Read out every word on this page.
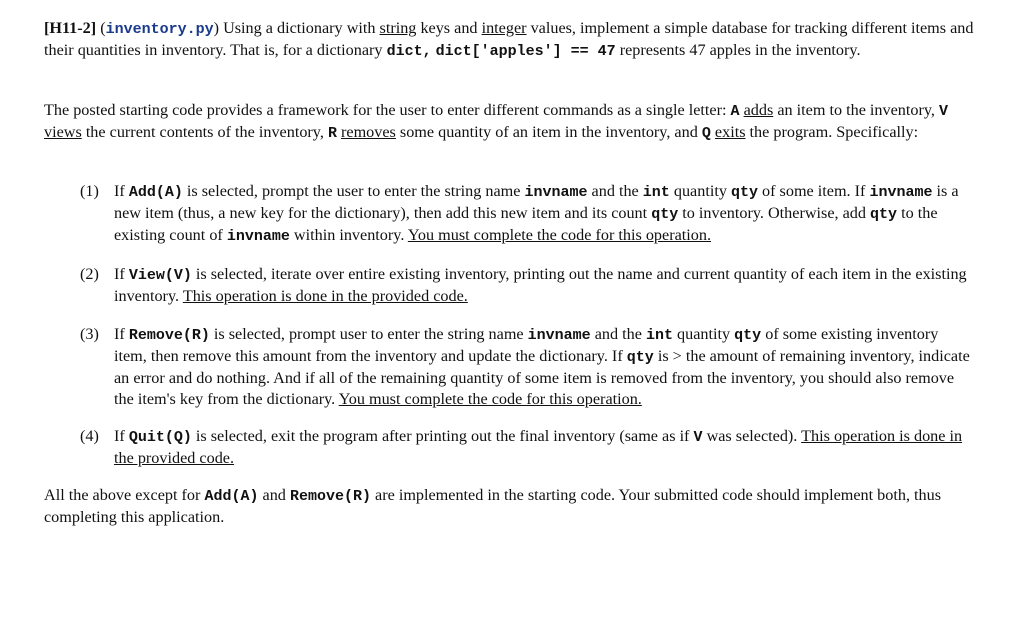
[H11-2] (inventory.py) Using a dictionary with string keys and integer values, implement a simple database for tracking different items and their quantities in inventory. That is, for a dictionary dict, dict['apples'] == 47 represents 47 apples in the inventory.

The posted starting code provides a framework for the user to enter different commands as a single letter: A adds an item to the inventory, V views the current contents of the inventory, R removes some quantity of an item in the inventory, and Q exits the program. Specifically:

(1) If Add(A) is selected, prompt the user to enter the string name invname and the int quantity qty of some item. If invname is a new item (thus, a new key for the dictionary), then add this new item and its count qty to inventory. Otherwise, add qty to the existing count of invname within inventory. You must complete the code for this operation.
(2) If View(V) is selected, iterate over entire existing inventory, printing out the name and current quantity of each item in the existing inventory. This operation is done in the provided code.
(3) If Remove(R) is selected, prompt user to enter the string name invname and the int quantity qty of some existing inventory item, then remove this amount from the inventory and update the dictionary. If qty is > the amount of remaining inventory, indicate an error and do nothing. And if all of the remaining quantity of some item is removed from the inventory, you should also remove the item's key from the dictionary. You must complete the code for this operation.
(4) If Quit(Q) is selected, exit the program after printing out the final inventory (same as if V was selected). This operation is done in the provided code.

All the above except for Add(A) and Remove(R) are implemented in the starting code. Your submitted code should implement both, thus completing this application.
